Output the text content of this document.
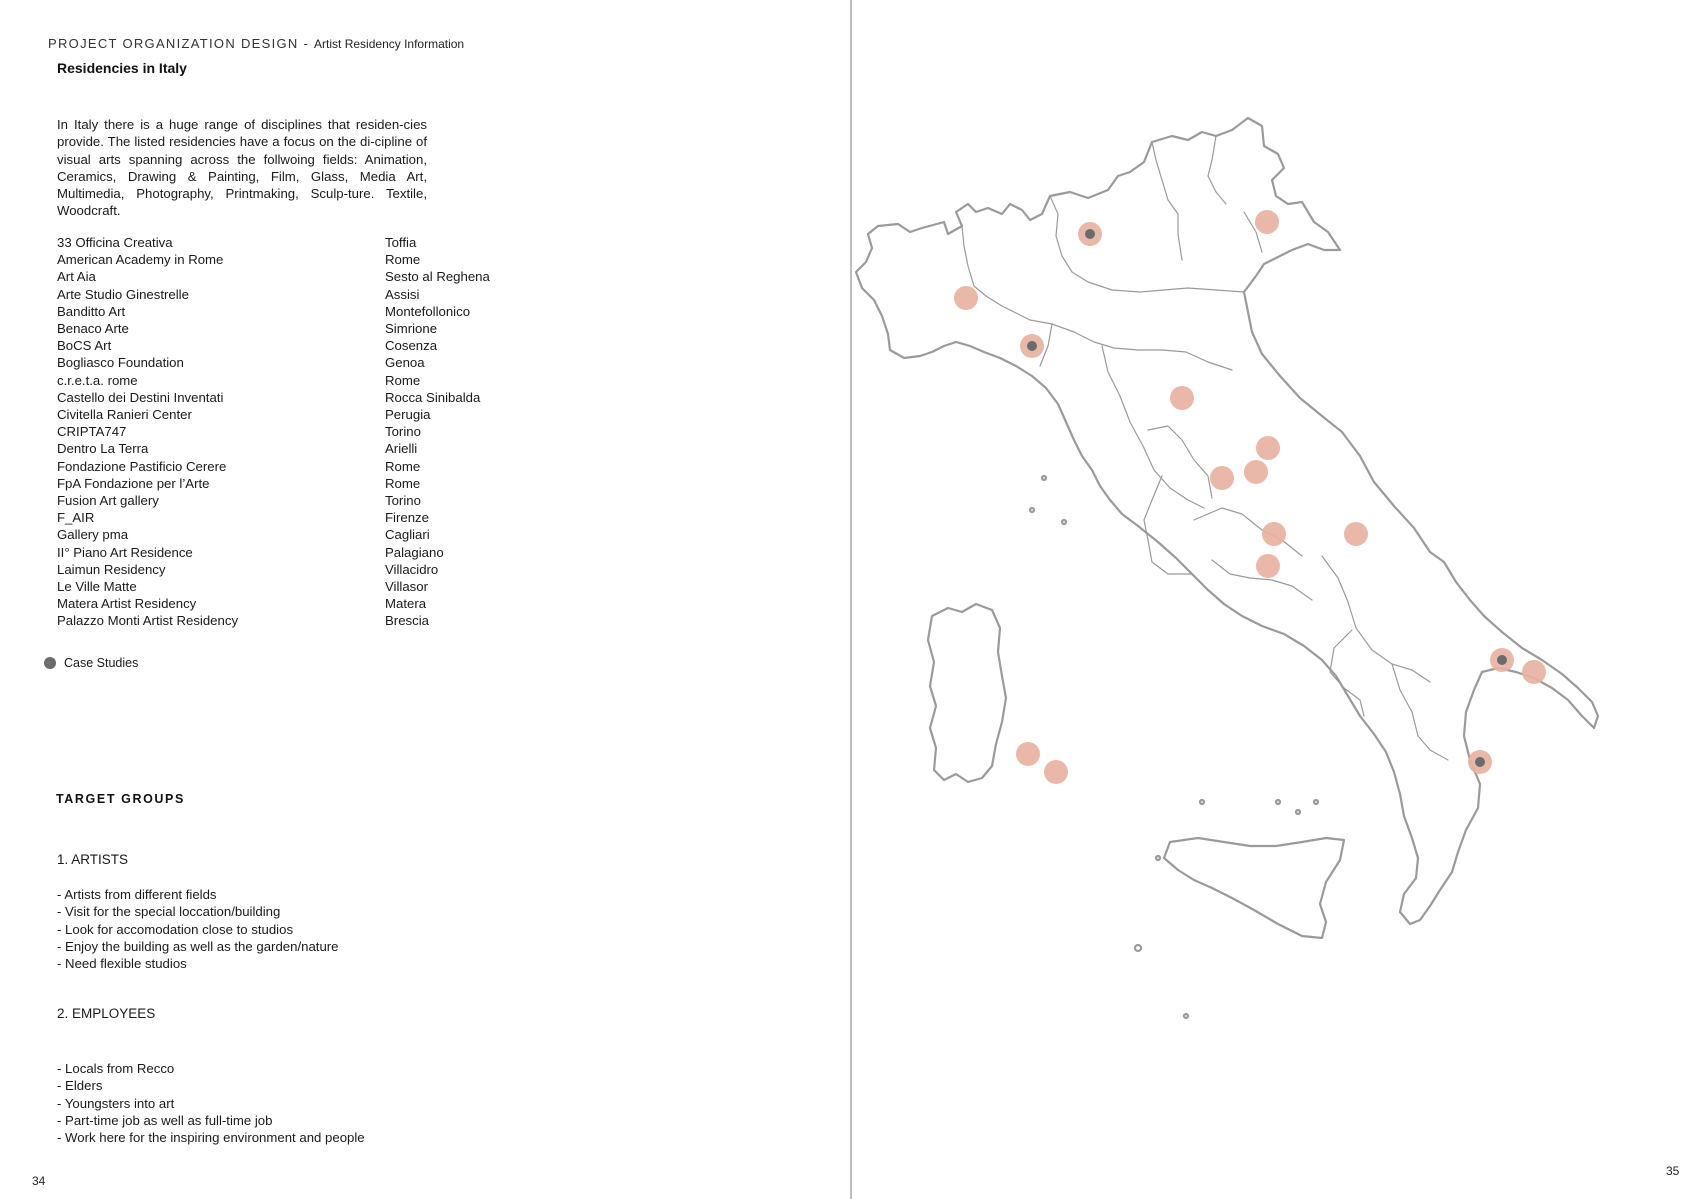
PROJECT ORGANIZATION DESIGN - Artist Residency Information
Residencies in Italy

In Italy there is a huge range of disciplines that residen-cies provide. The listed residencies have a focus on the di-cipline of visual arts spanning across the follwoing fields: Animation, Ceramics, Drawing & Painting, Film, Glass, Media Art, Multimedia, Photography, Printmaking, Sculp-ture. Textile, Woodcraft.

33 Officina Creativa	Toffia
American Academy in Rome	Rome
Art Aia	Sesto al Reghena
Arte Studio Ginestrelle	Assisi
Banditto Art	Montefollonico
Benaco Arte	Simrione
BoCS Art	Cosenza
Bogliasco Foundation	Genoa
c.r.e.t.a. rome	Rome
Castello dei Destini Inventati	Rocca Sinibalda
Civitella Ranieri Center	Perugia
CRIPTA747	Torino
Dentro La Terra	Arielli
Fondazione Pastificio Cerere	Rome
FpA Fondazione per l’Arte	Rome
Fusion Art gallery	Torino
F_AIR	Firenze
Gallery pma	Cagliari
II° Piano Art Residence	Palagiano
Laimun Residency	Villacidro
Le Ville Matte	Villasor
Matera Artist Residency	Matera
Palazzo Monti Artist Residency	Brescia
Case Studies
TARGET GROUPS
1. ARTISTS
- Artists from different fields
- Visit for the special loccation/building
- Look for accomodation close to studios
- Enjoy the building as well as the garden/nature
- Need flexible studios
2. EMPLOYEES
- Locals from Recco
- Elders
- Youngsters into art
- Part-time job as well as full-time job
- Work here for the inspiring environment and people
34
35
